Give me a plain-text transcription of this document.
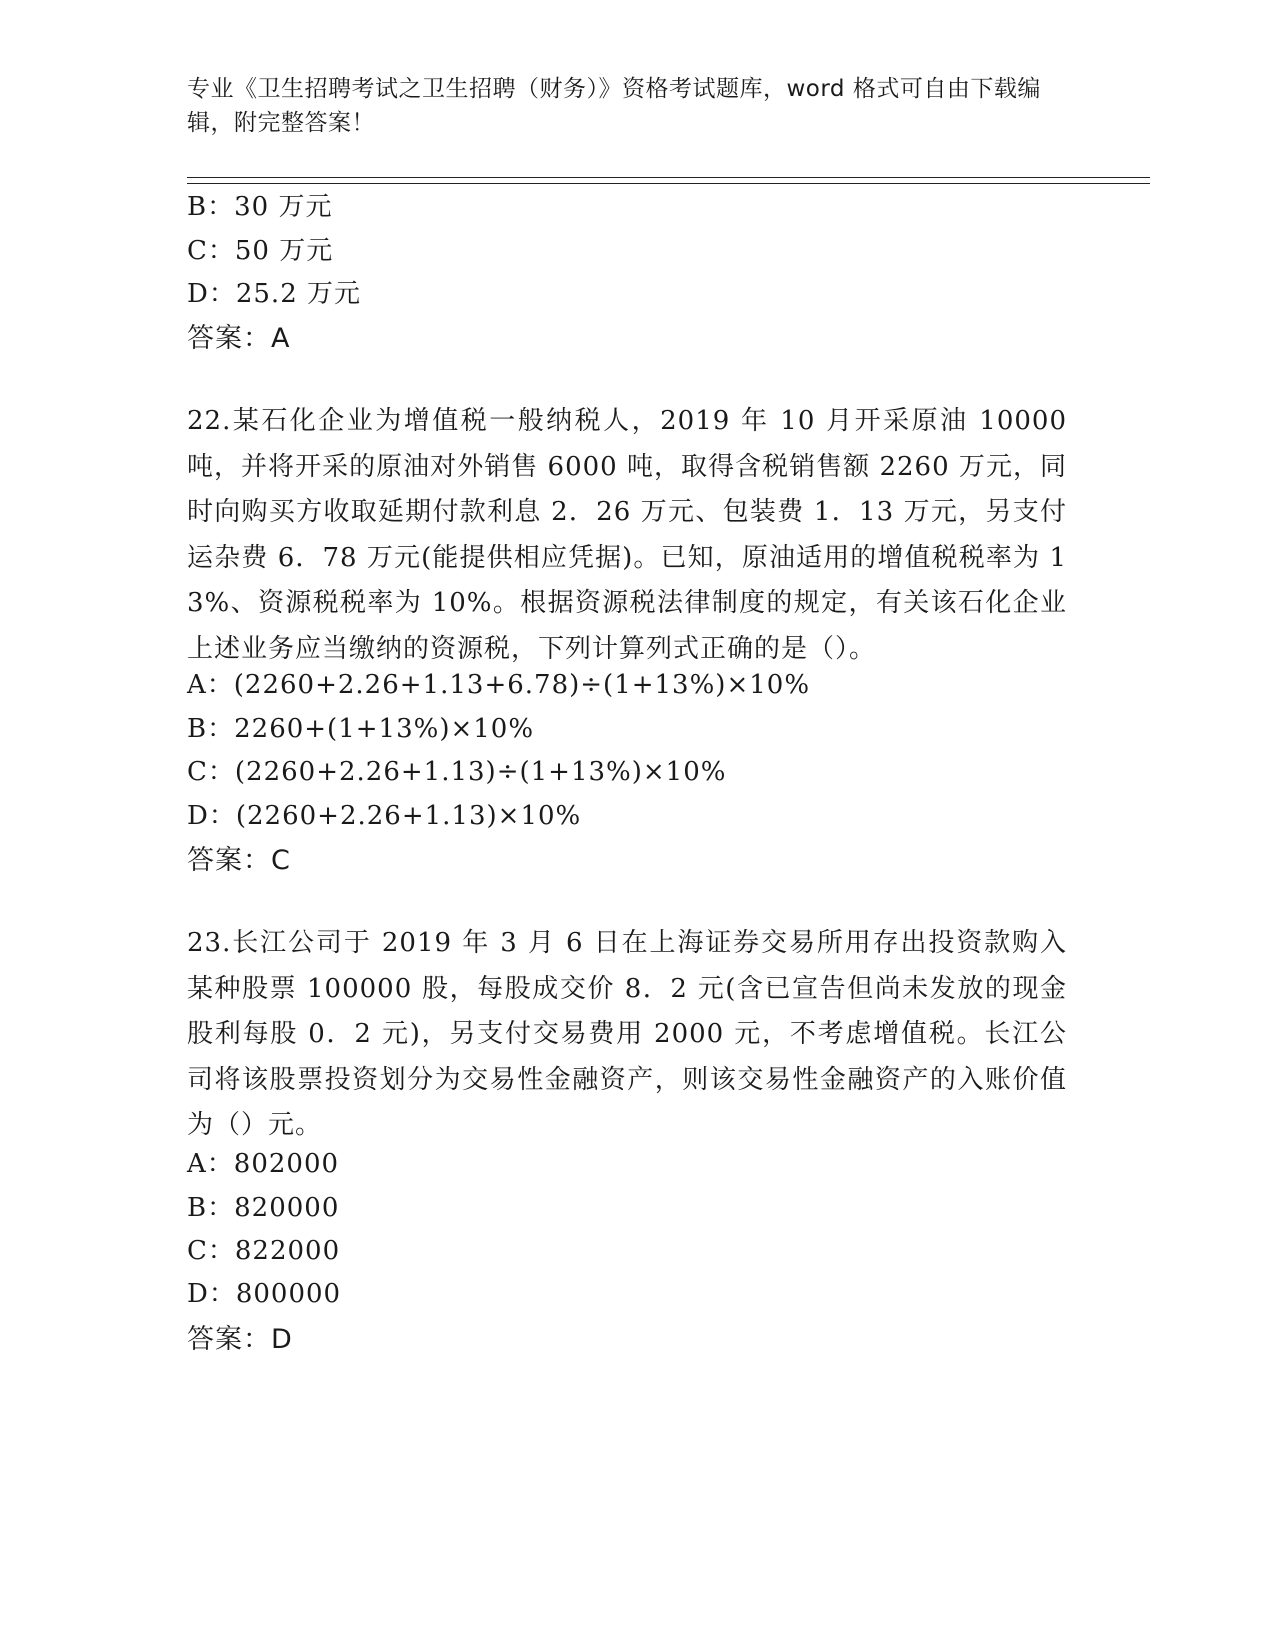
专业《卫生招聘考试之卫生招聘（财务）》资格考试题库，word 格式可自由下载编辑，附完整答案！
B：30 万元
C：50 万元
D：25.2 万元
答案：A
22.某石化企业为增值税一般纳税人，2019 年 10 月开采原油 10000 吨，并将开采的原油对外销售 6000 吨，取得含税销售额 2260 万元，同时向购买方收取延期付款利息 2．26 万元、包装费 1．13 万元，另支付运杂费 6．78 万元(能提供相应凭据)。已知，原油适用的增值税税率为 13%、资源税税率为 10%。根据资源税法律制度的规定，有关该石化企业上述业务应当缴纳的资源税，下列计算列式正确的是（）。
A：(2260+2.26+1.13+6.78)÷(1+13%)×10%
B：2260+(1+13%)×10%
C：(2260+2.26+1.13)÷(1+13%)×10%
D：(2260+2.26+1.13)×10%
答案：C
23.长江公司于 2019 年 3 月 6 日在上海证券交易所用存出投资款购入某种股票 100000 股，每股成交价 8．2 元(含已宣告但尚未发放的现金股利每股 0．2 元)，另支付交易费用 2000 元，不考虑增值税。长江公司将该股票投资划分为交易性金融资产，则该交易性金融资产的入账价值为（）元。
A：802000
B：820000
C：822000
D：800000
答案：D
